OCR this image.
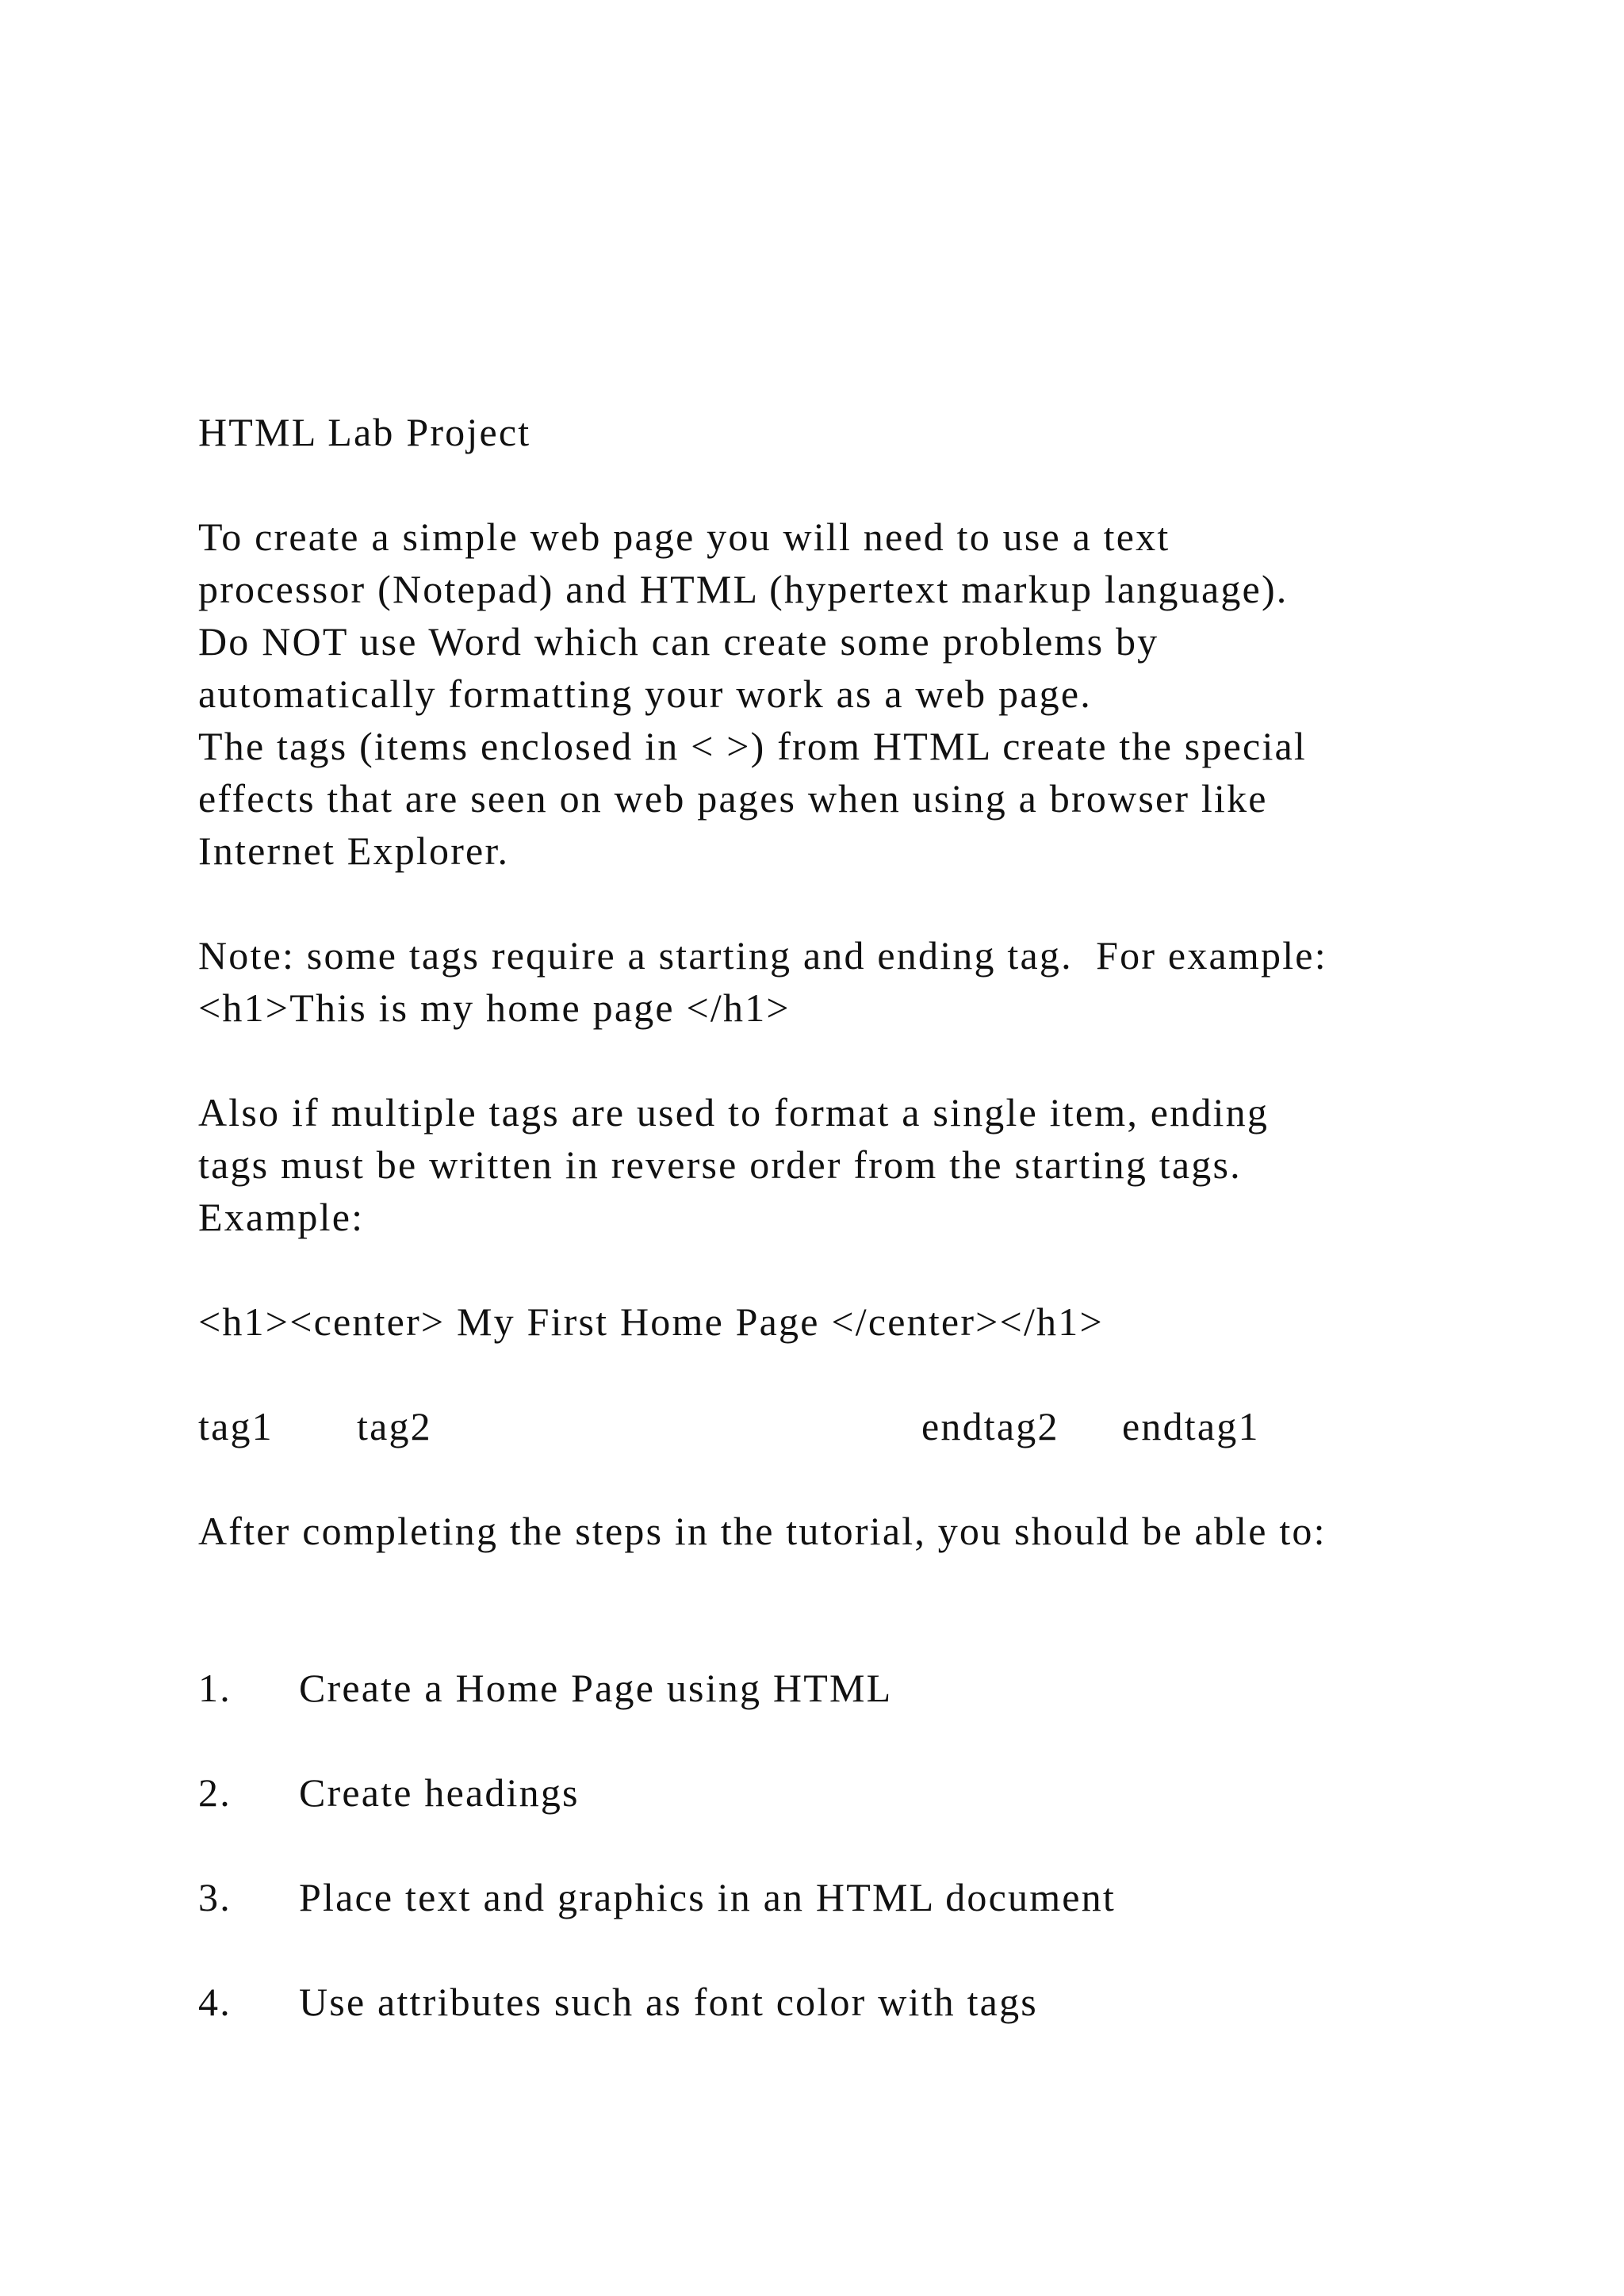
HTML Lab Project

To create a simple web page you will need to use a text

processor (Notepad) and HTML (hypertext markup language).

Do NOT use Word which can create some problems by

automatically formatting your work as a web page.

The tags (items enclosed in < >) from HTML create the special

effects that are seen on web pages when using a browser like

Internet Explorer.

Note: some tags require a starting and ending tag.  For example:

<h1>This is my home page </h1>

Also if multiple tags are used to format a single item, ending

tags must be written in reverse order from the starting tags.

Example:

<h1><center> My First Home Page </center></h1>

tag1

tag2

	endtag2

endtag1

After completing the steps in the tutorial, you should be able to:

1. Create a Home Page using HTML
2. Create headings
3. Place text and graphics in an HTML document
4. Use attributes such as font color with tags
